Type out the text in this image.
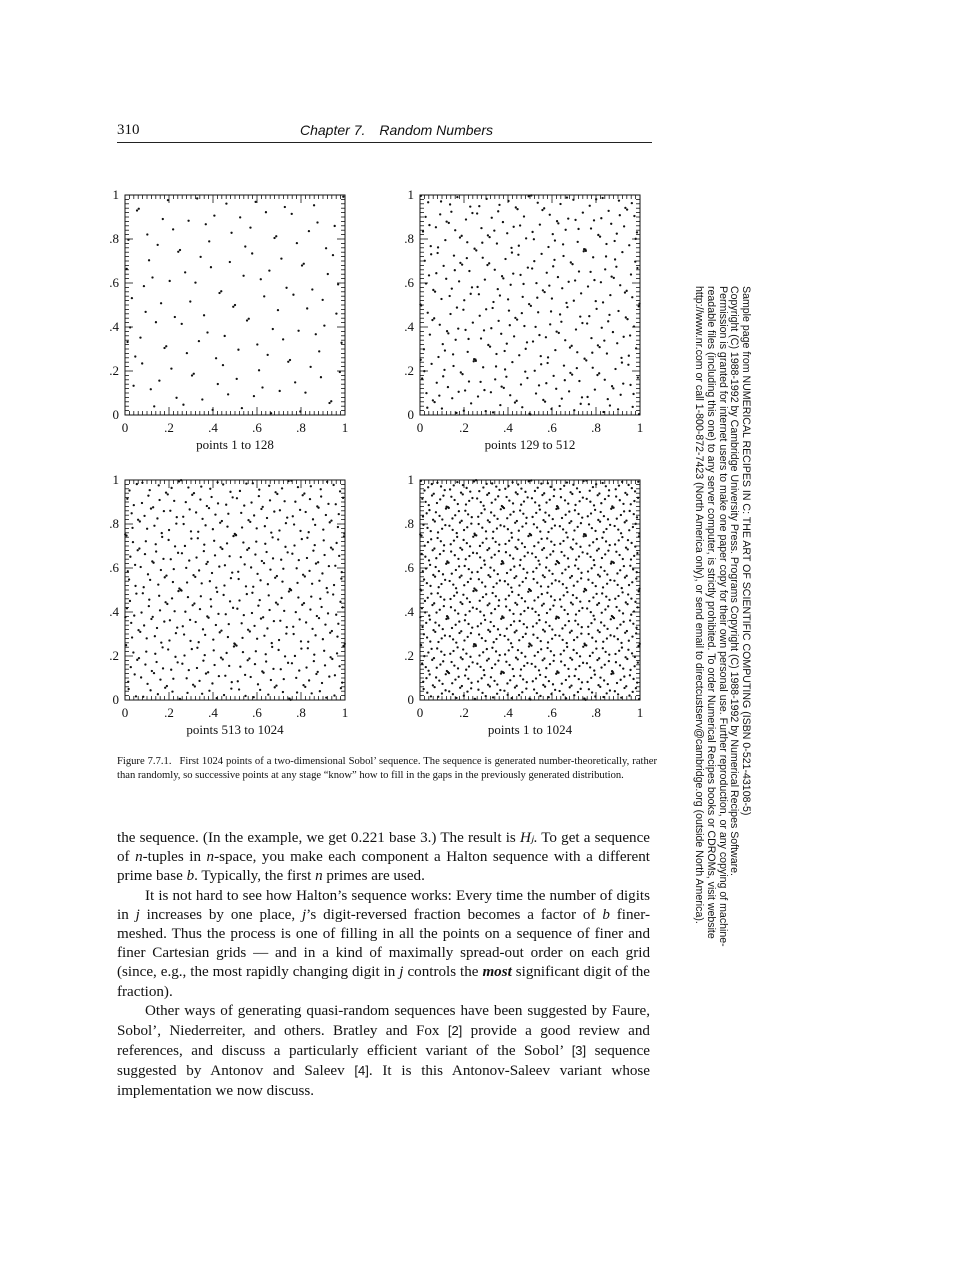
310	Chapter 7. Random Numbers
0	.2	.4	.6	.8	1
0
.2
.4
.6
.8
1
points 1 to 128
0	.2	.4	.6	.8	1
0
.2
.4
.6
.8
1
points 129 to 512
0	.2	.4	.6	.8	1
0
.2
.4
.6
.8
1
points 513 to 1024
0	.2	.4	.6	.8	1
0
.2
.4
.6
.8
1
points 1 to 1024
Figure 7.7.1. First 1024 points of a two-dimensional Sobol’ sequence. The sequence is generated number-theoretically, rather than randomly, so successive points at any stage “know” how to fill in the gaps in the previously generated distribution.

the sequence. (In the example, we get 0.221 base 3.) The result is Hⱼ. To get a sequence of n-tuples in n-space, you make each component a Halton sequence with a different prime base b. Typically, the first n primes are used.

It is not hard to see how Halton’s sequence works: Every time the number of digits in j increases by one place, j’s digit-reversed fraction becomes a factor of b finer-meshed. Thus the process is one of filling in all the points on a sequence of finer and finer Cartesian grids — and in a kind of maximally spread-out order on each grid (since, e.g., the most rapidly changing digit in j controls the most significant digit of the fraction).

Other ways of generating quasi-random sequences have been suggested by Faure, Sobol’, Niederreiter, and others. Bratley and Fox [2] provide a good review and references, and discuss a particularly efficient variant of the Sobol’ [3] sequence suggested by Antonov and Saleev [4]. It is this Antonov-Saleev variant whose implementation we now discuss.

Sample page from NUMERICAL RECIPES IN C: THE ART OF SCIENTIFIC COMPUTING (ISBN 0-521-43108-5)
Copyright (C) 1988-1992 by Cambridge University Press. Programs Copyright (C) 1988-1992 by Numerical Recipes Software.
Permission is granted for internet users to make one paper copy for their own personal use. Further reproduction, or any copying of machine-
readable files (including this one) to any server computer, is strictly prohibited. To order Numerical Recipes books or CDROMs, visit website
http://www.nr.com or call 1-800-872-7423 (North America only), or send email to directcustserv@cambridge.org (outside North America).
